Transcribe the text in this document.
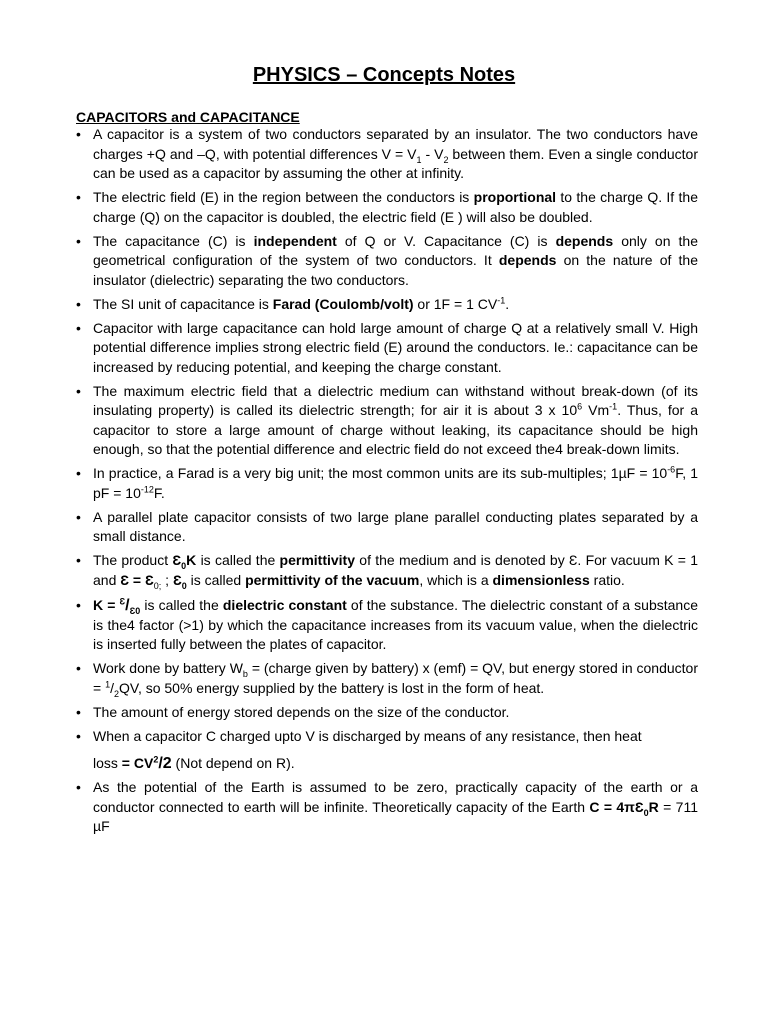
PHYSICS – Concepts Notes
CAPACITORS and CAPACITANCE
• A capacitor is a system of two conductors separated by an insulator. The two conductors have charges +Q and –Q, with potential differences $V = V_1 - V_2$ between them. Even a single conductor can be used as a capacitor by assuming the other at infinity.
• The electric field (E) in the region between the conductors is proportional to the charge Q. If the charge (Q) on the capacitor is doubled, the electric field (E ) will also be doubled.
• The capacitance (C) is independent of Q or V. Capacitance (C) is depends only on the geometrical configuration of the system of two conductors. It depends on the nature of the insulator (dielectric) separating the two conductors.
• The SI unit of capacitance is Farad (Coulomb/volt) or 1F = 1 $CV^{-1}$.
• Capacitor with large capacitance can hold large amount of charge Q at a relatively small V. High potential difference implies strong electric field (E) around the conductors. Ie.: capacitance can be increased by reducing potential, and keeping the charge constant.
• The maximum electric field that a dielectric medium can withstand without break-down (of its insulating property) is called its dielectric strength; for air it is about 3 x $10^6$ $Vm^{-1}$. Thus, for a capacitor to store a large amount of charge without leaking, its capacitance should be high enough, so that the potential difference and electric field do not exceed the4 break-down limits.
• In practice, a Farad is a very big unit; the most common units are its sub-multiples; $1\mu F = 10^{-6}F$, 1 pF = $10^{-12}F$.
• A parallel plate capacitor consists of two large plane parallel conducting plates separated by a small distance.
• The product $Ɛ_0K$ is called the permittivity of the medium and is denoted by Ɛ. For vacuum K = 1 and Ɛ = $Ɛ_{0;}$ ; $Ɛ_0$ is called permittivity of the vacuum, which is a dimensionless ratio.
• $K = ^Ɛ/_{Ɛ0}$ is called the dielectric constant of the substance. The dielectric constant of a substance is the4 factor (>1) by which the capacitance increases from its vacuum value, when the dielectric is inserted fully between the plates of capacitor.
• Work done by battery $W_b$ = (charge given by battery) x (emf) = QV, but energy stored in conductor = $^1/_2QV$, so 50% energy supplied by the battery is lost in the form of heat.
• The amount of energy stored depends on the size of the conductor.
• When a capacitor C charged upto V is discharged by means of any resistance, then heat
loss = $CV^2/2$ (Not depend on R).
• As the potential of the Earth is assumed to be zero, practically capacity of the earth or a conductor connected to earth will be infinite. Theoretically capacity of the Earth $C = 4\pi Ɛ_0R = 711$ µF
